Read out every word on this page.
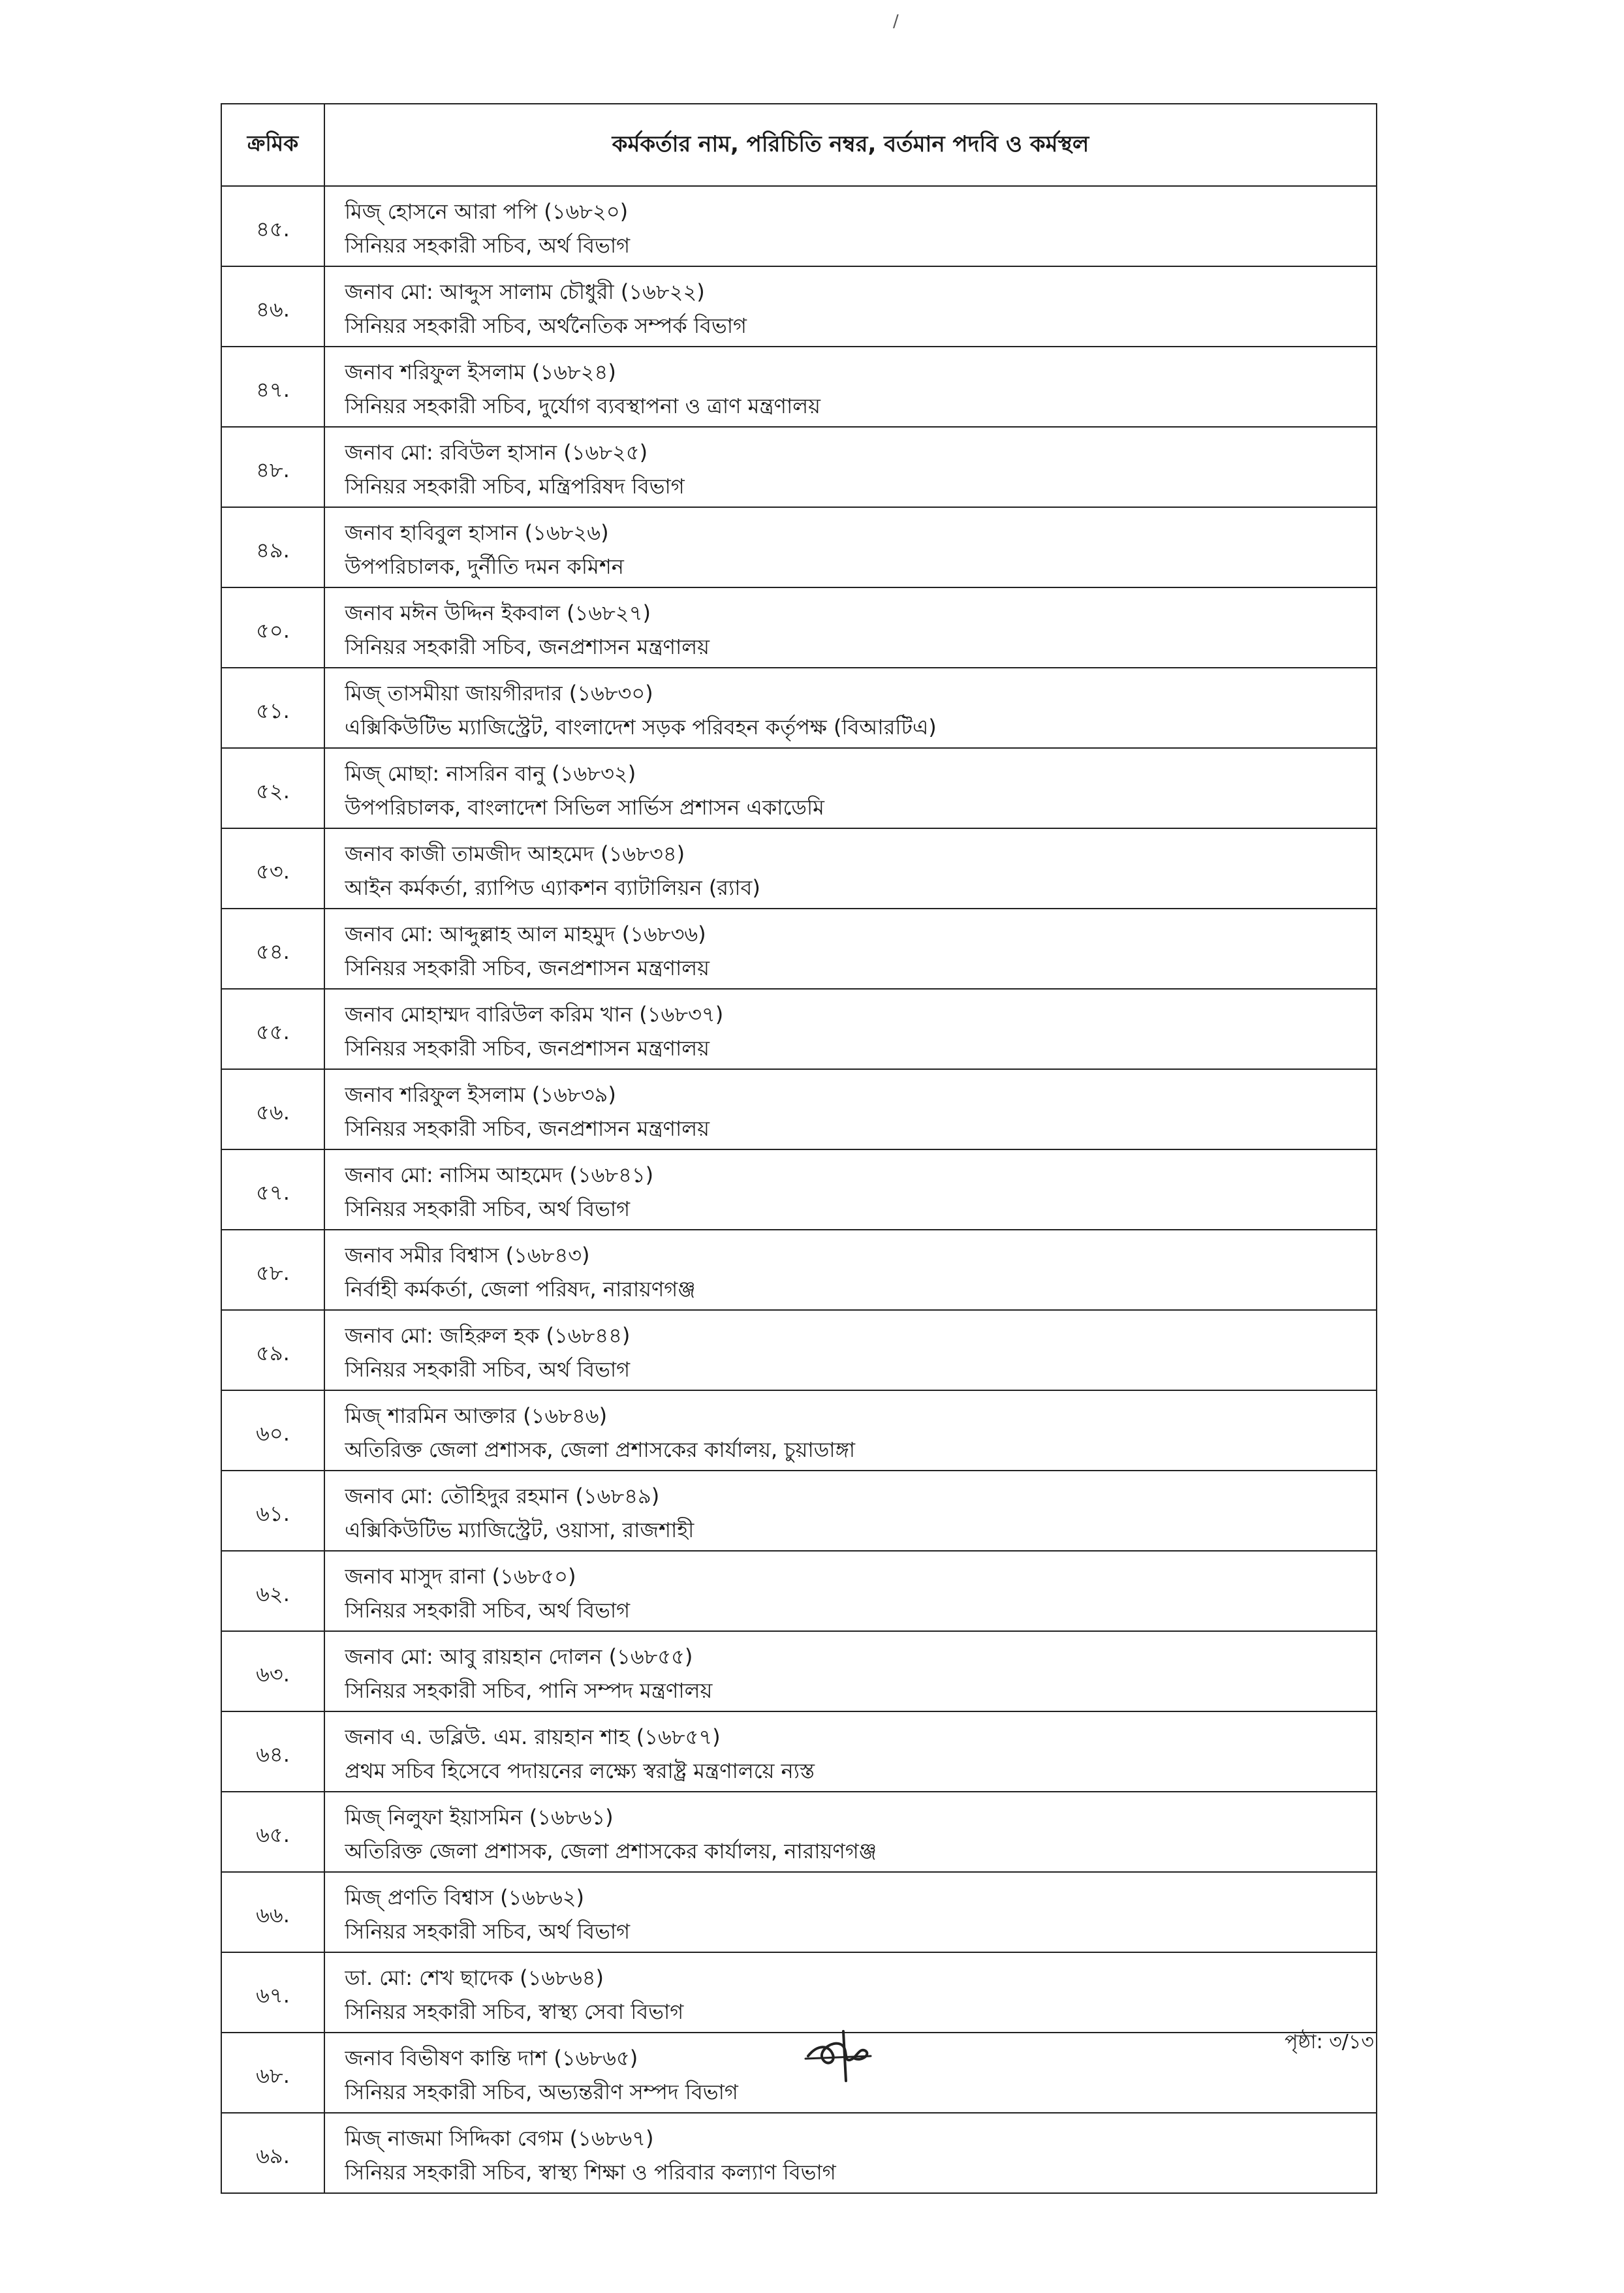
/
ক্রমিক	কর্মকর্তার নাম, পরিচিতি নম্বর, বর্তমান পদবি ও কর্মস্থল
৪৫.	মিজ্ হোসনে আরা পপি (১৬৮২০)
সিনিয়র সহকারী সচিব, অর্থ বিভাগ

৪৬.	জনাব মো: আব্দুস সালাম চৌধুরী (১৬৮২২)
সিনিয়র সহকারী সচিব, অর্থনৈতিক সম্পর্ক বিভাগ

৪৭.	জনাব শরিফুল ইসলাম (১৬৮২৪)
সিনিয়র সহকারী সচিব, দুর্যোগ ব্যবস্থাপনা ও ত্রাণ মন্ত্রণালয়

৪৮.	জনাব মো: রবিউল হাসান (১৬৮২৫)
সিনিয়র সহকারী সচিব, মন্ত্রিপরিষদ বিভাগ

৪৯.	জনাব হাবিবুল হাসান (১৬৮২৬)
উপপরিচালক, দুর্নীতি দমন কমিশন

৫০.	জনাব মঈন উদ্দিন ইকবাল (১৬৮২৭)
সিনিয়র সহকারী সচিব, জনপ্রশাসন মন্ত্রণালয়

৫১.	মিজ্ তাসমীয়া জায়গীরদার (১৬৮৩০)
এক্সিকিউটিভ ম্যাজিস্ট্রেট, বাংলাদেশ সড়ক পরিবহন কর্তৃপক্ষ (বিআরটিএ)

৫২.	মিজ্ মোছা: নাসরিন বানু (১৬৮৩২)
উপপরিচালক, বাংলাদেশ সিভিল সার্ভিস প্রশাসন একাডেমি

৫৩.	জনাব কাজী তামজীদ আহমেদ (১৬৮৩৪)
আইন কর্মকর্তা, র‍্যাপিড এ্যাকশন ব্যাটালিয়ন (র‍্যাব)

৫৪.	জনাব মো: আব্দুল্লাহ আল মাহমুদ (১৬৮৩৬)
সিনিয়র সহকারী সচিব, জনপ্রশাসন মন্ত্রণালয়

৫৫.	জনাব মোহাম্মদ বারিউল করিম খান (১৬৮৩৭)
সিনিয়র সহকারী সচিব, জনপ্রশাসন মন্ত্রণালয়

৫৬.	জনাব শরিফুল ইসলাম (১৬৮৩৯)
সিনিয়র সহকারী সচিব, জনপ্রশাসন মন্ত্রণালয়

৫৭.	জনাব মো: নাসিম আহমেদ (১৬৮৪১)
সিনিয়র সহকারী সচিব, অর্থ বিভাগ

৫৮.	জনাব সমীর বিশ্বাস (১৬৮৪৩)
নির্বাহী কর্মকর্তা, জেলা পরিষদ, নারায়ণগঞ্জ

৫৯.	জনাব মো: জহিরুল হক (১৬৮৪৪)
সিনিয়র সহকারী সচিব, অর্থ বিভাগ

৬০.	মিজ্ শারমিন আক্তার (১৬৮৪৬)
অতিরিক্ত জেলা প্রশাসক, জেলা প্রশাসকের কার্যালয়, চুয়াডাঙ্গা

৬১.	জনাব মো: তৌহিদুর রহমান (১৬৮৪৯)
এক্সিকিউটিভ ম্যাজিস্ট্রেট, ওয়াসা, রাজশাহী

৬২.	জনাব মাসুদ রানা (১৬৮৫০)
সিনিয়র সহকারী সচিব, অর্থ বিভাগ

৬৩.	জনাব মো: আবু রায়হান দোলন (১৬৮৫৫)
সিনিয়র সহকারী সচিব, পানি সম্পদ মন্ত্রণালয়

৬৪.	জনাব এ. ডব্লিউ. এম. রায়হান শাহ (১৬৮৫৭)
প্রথম সচিব হিসেবে পদায়নের লক্ষ্যে স্বরাষ্ট্র মন্ত্রণালয়ে ন্যস্ত

৬৫.	মিজ্ নিলুফা ইয়াসমিন (১৬৮৬১)
অতিরিক্ত জেলা প্রশাসক, জেলা প্রশাসকের কার্যালয়, নারায়ণগঞ্জ

৬৬.	মিজ্ প্রণতি বিশ্বাস (১৬৮৬২)
সিনিয়র সহকারী সচিব, অর্থ বিভাগ

৬৭.	ডা. মো: শেখ ছাদেক (১৬৮৬৪)
সিনিয়র সহকারী সচিব, স্বাস্থ্য সেবা বিভাগ

৬৮.	জনাব বিভীষণ কান্তি দাশ (১৬৮৬৫)
সিনিয়র সহকারী সচিব, অভ্যন্তরীণ সম্পদ বিভাগ

৬৯.	মিজ্ নাজমা সিদ্দিকা বেগম (১৬৮৬৭)
সিনিয়র সহকারী সচিব, স্বাস্থ্য শিক্ষা ও পরিবার কল্যাণ বিভাগ
পৃষ্ঠা: ৩/১৩
